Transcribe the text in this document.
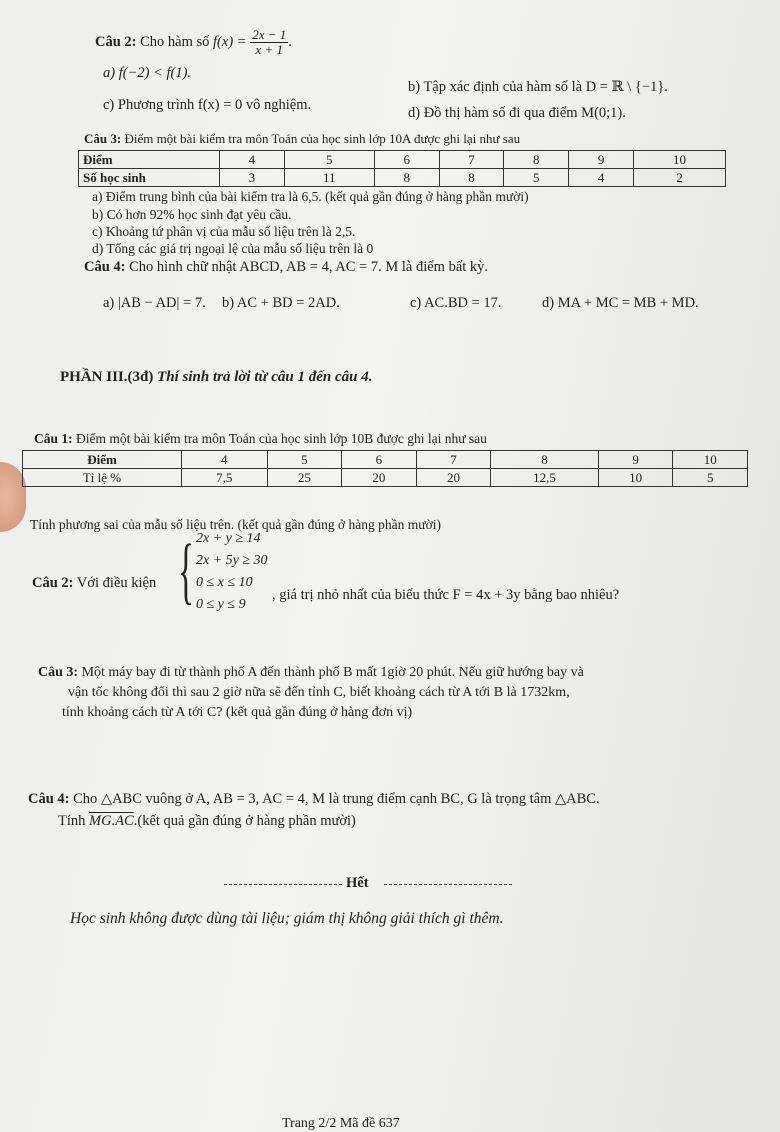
Câu 2: Cho hàm số $f(x) = \frac{2x - 1}{x + 1}$ .
a) f(−2) < f(1).
b) Tập xác định của hàm số là D = ℝ \ {−1}.
c) Phương trình f(x) = 0 vô nghiệm.	d) Đồ thị hàm số đi qua điểm M(0;1).
Câu 3: Điểm một bài kiểm tra môn Toán của học sinh lớp 10A được ghi lại như sau
Điểm	4	5	6	7	8	9	10
Số học sinh	3	11	8	8	5	4	2
a) Điểm trung bình của bài kiểm tra là 6,5. (kết quả gần đúng ở hàng phần mười)
b) Có hơn 92% học sinh đạt yêu cầu.
c) Khoảng tứ phân vị của mẫu số liệu trên là 2,5.
d) Tổng các giá trị ngoại lệ của mẫu số liệu trên là 0
Câu 4: Cho hình chữ nhật ABCD, AB = 4, AC = 7. M là điểm bất kỳ.
a) |AB − AD| = 7. b) AC + BD = 2AD.	c) AC.BD = 17.	d) MA + MC = MB + MD.
PHẦN III.(3đ) Thí sinh trả lời từ câu 1 đến câu 4.
Câu 1: Điểm một bài kiểm tra môn Toán của học sinh lớp 10B được ghi lại như sau
Điểm	4	5	6	7	8	9	10
Tỉ lệ %	7,5	25	20	20	12,5	10	5
Tính phương sai của mẫu số liệu trên. (kết quả gần đúng ở hàng phần mười)
Câu 2: Với điều kiện { 2x + y ≥ 14
2x + 5y ≥ 30
0 ≤ x ≤ 10
0 ≤ y ≤ 9
, giá trị nhỏ nhất của biểu thức F = 4x + 3y bằng bao nhiêu?
Câu 3: Một máy bay đi từ thành phố A đến thành phố B mất 1giờ 20 phút. Nếu giữ hướng bay và
vận tốc không đổi thì sau 2 giờ nữa sẽ đến tỉnh C, biết khoảng cách từ A tới B là 1732km,
tính khoảng cách từ A tới C? (kết quả gần đúng ở hàng đơn vị)
Câu 4: Cho △ABC vuông ở A, AB = 3, AC = 4, M là trung điểm cạnh BC, G là trọng tâm △ABC.
Tính MG.AC.(kết quả gần đúng ở hàng phần mười)
Hết
Học sinh không được dùng tài liệu; giám thị không giải thích gì thêm.
Trang 2/2 Mã đề 637
